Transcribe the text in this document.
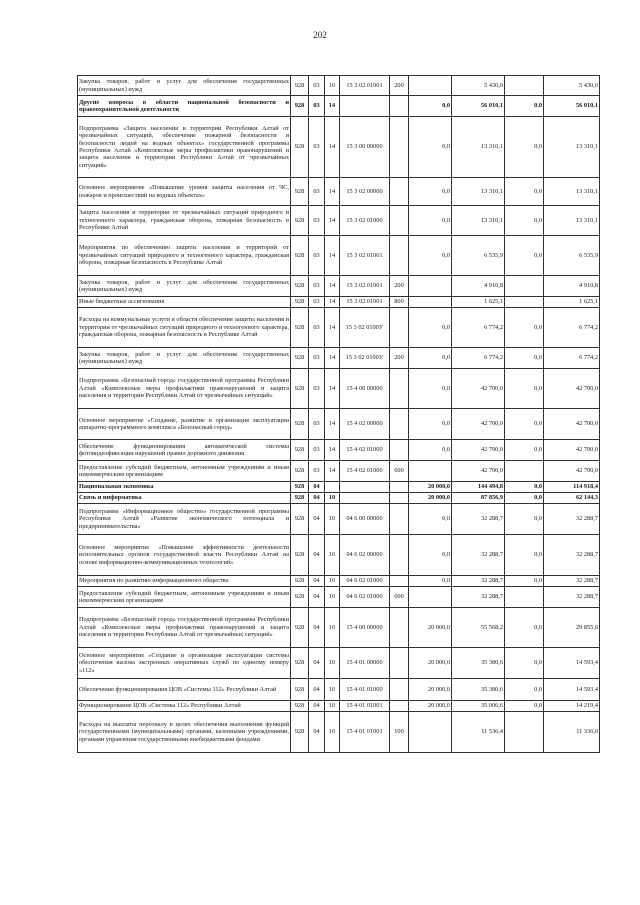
202
Закупка товаров, работ и услуг для обеспечения государственных (муниципальных) нужд	928	03	10	15 3 02 01001	200		5 430,0		5 430,0
Другие вопросы в области национальной безопасности и правоохранительной деятельности	928	03	14			0,0	56 010,1	0,0	56 010,1
Подпрограмма «Защита населения и территории Республики Алтай от чрезвычайных ситуаций, обеспечение пожарной безопасности и безопасности людей на водных объектах» государственной программы Республики Алтай «Комплексные меры профилактики правонарушений и защита населения и территории Республики Алтай от чрезвычайных ситуаций»	928	03	14	15 3 00 00000		0,0	13 310,1	0,0	13 310,1
Основное мероприятие «Повышение уровня защиты населения от ЧС, пожаров и происшествий на водных объектах»	928	03	14	15 3 02 00000		0,0	13 310,1	0,0	13 310,1
Защита населения и территории от чрезвычайных ситуаций природного и техногенного характера, гражданская оборона, пожарная безопасность в Республике Алтай	928	03	14	15 3 02 01000		0,0	13 310,1	0,0	13 310,1
Мероприятия по обеспечению защиты населения и территорий от чрезвычайных ситуаций природного и техногенного характера, гражданская оборона, пожарная безопасность в Республике Алтай	928	03	14	15 3 02 01001		0,0	6 535,9	0,0	6 535,9
Закупка товаров, работ и услуг для обеспечения государственных (муниципальных) нужд	928	03	14	15 3 02 01001	200		4 910,8		4 910,8
Иные бюджетные ассигнования	928	03	14	15 3 02 01001	800		1 625,1		1 625,1
Расходы на коммунальные услуги в области обеспечения защиты населения и территории от чрезвычайных ситуаций природного и техногенного характера, гражданская оборона, пожарная безопасность в Республике Алтай	928	03	14	15 3 02 0100У		0,0	6 774,2	0,0	6 774,2
Закупка товаров, работ и услуг для обеспечения государственных (муниципальных) нужд	928	03	14	15 3 02 0100У	200	0,0	6 774,2	0,0	6 774,2
Подпрограмма «Безопасный город» государственной программы Республики Алтай «Комплексные меры профилактики правонарушений и защита населения и территории Республики Алтай от чрезвычайных ситуаций»	928	03	14	15 4 00 00000		0,0	42 700,0	0,0	42 700,0
Основное мероприятие «Создание, развитие и организация эксплуатации аппаратно-программного комплекса «Безопасный город»	928	03	14	15 4 02 00000		0,0	42 700,0	0,0	42 700,0
Обеспечение функционирования автоматической системы фотовидеофиксации нарушений правил дорожного движения	928	03	14	15 4 02 01000		0,0	42 700,0	0,0	42 700,0
Предоставление субсидий бюджетным, автономным учреждениям и иным некоммерческим организациям	928	03	14	15 4 02 01000	600		42 700,0		42 700,0
Национальная экономика	928	04				20 000,0	144 494,8	0,0	114 918,4
Связь и информатика	928	04	10			20 000,0	87 856,9	0,0	62 144,3
Подпрограмма «Информационное общество» государственной программы Республики Алтай «Развитие экономического потенциала и предпринимательства»	928	04	10	04 6 00 00000		0,0	32 288,7	0,0	32 288,7
Основное мероприятие «Повышение эффективности деятельности исполнительных органов государственной власти Республики Алтай на основе информационно-коммуникационных технологий»	928	04	10	04 6 02 00000		0,0	32 288,7	0,0	32 288,7
Мероприятия по развитию информационного общества	928	04	10	04 6 02 01000		0,0	32 288,7	0,0	32 288,7
Предоставление субсидий бюджетным, автономным учреждениям и иным некоммерческим организациям	928	04	10	04 6 02 01000	600		32 288,7		32 288,7
Подпрограмма «Безопасный город» государственной программы Республики Алтай «Комплексные меры профилактики правонарушений и защита населения и территории Республики Алтай от чрезвычайных ситуаций»	928	04	10	15 4 00 00000		20 000,0	55 568,2	0,0	29 855,6
Основное мероприятие «Создание и организация эксплуатации системы обеспечения вызова экстренных оперативных служб по единому номеру «112»	928	04	10	15 4 01 00000		20 000,0	35 380,6	0,0	14 593,4
Обеспечение функционирования ЦОВ «Системы 112» Республики Алтай	928	04	10	15 4 01 01000		20 000,0	35 380,6	0,0	14 593,4
Функционирование ЦОВ «Системы 112» Республики Алтай	928	04	10	15 4 01 01001		20 000,0	35 006,6	0,0	14 219,4
Расходы на выплаты персоналу в целях обеспечения выполнения функций государственными (муниципальными) органами, казенными учреждениями, органами управления государственными внебюджетными фондами	928	04	10	15 4 01 01001	100		11 536,4		11 336,0
